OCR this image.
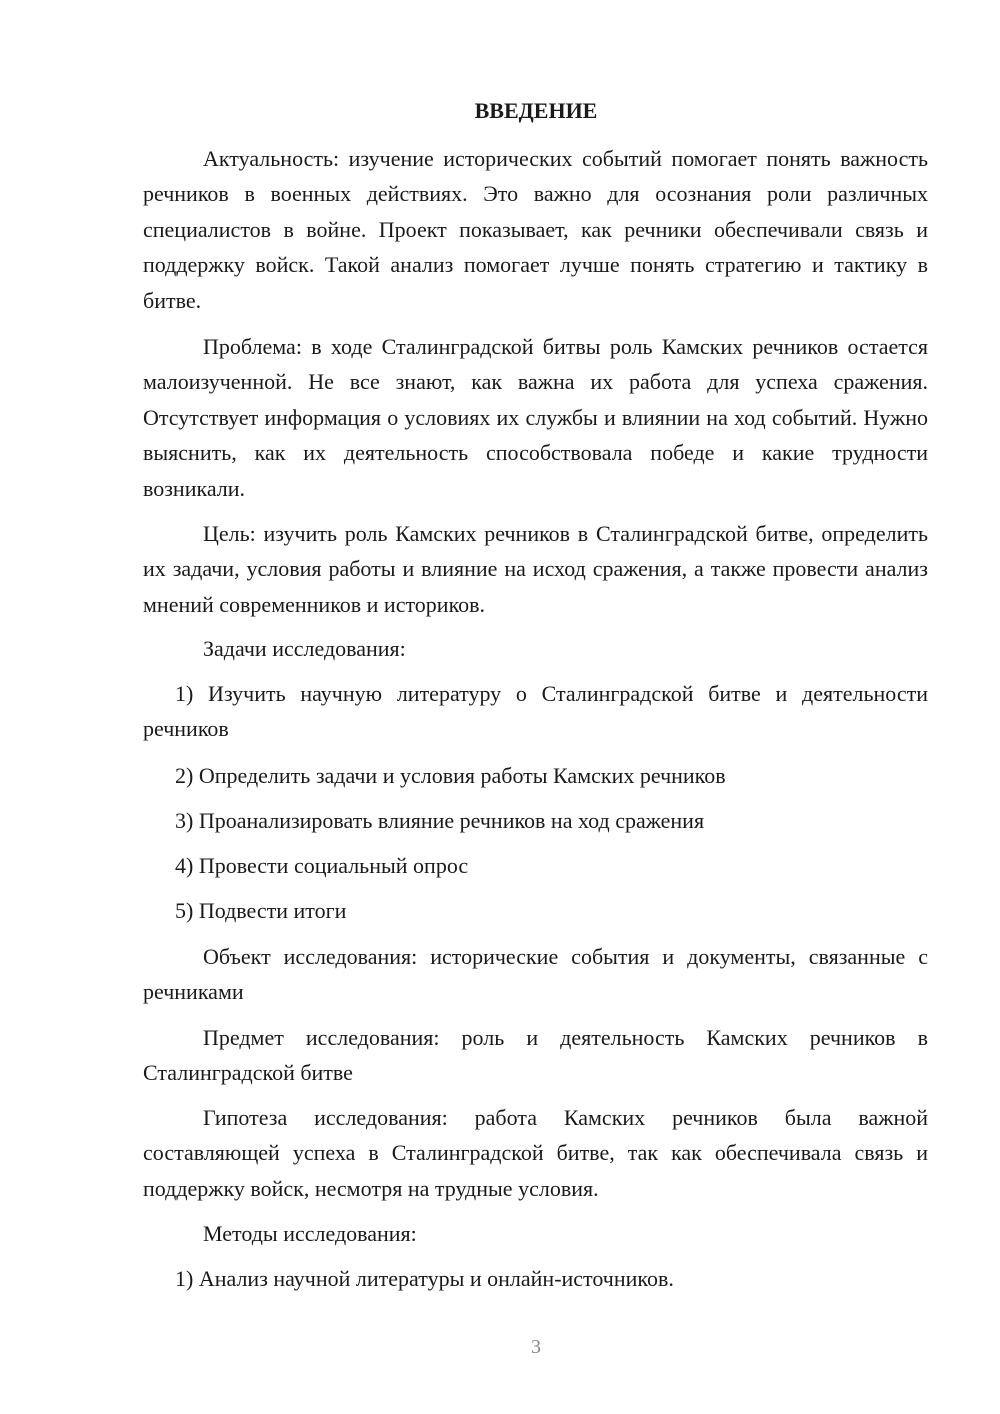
ВВЕДЕНИЕ

Актуальность: изучение исторических событий помогает понять важность речников в военных действиях. Это важно для осознания роли различных специалистов в войне. Проект показывает, как речники обеспечивали связь и поддержку войск. Такой анализ помогает лучше понять стратегию и тактику в битве.

Проблема: в ходе Сталинградской битвы роль Камских речников остается малоизученной. Не все знают, как важна их работа для успеха сражения. Отсутствует информация о условиях их службы и влиянии на ход событий. Нужно выяснить, как их деятельность способствовала победе и какие трудности возникали.

Цель: изучить роль Камских речников в Сталинградской битве, определить их задачи, условия работы и влияние на исход сражения, а также провести анализ мнений современников и историков.

Задачи исследования:

1) Изучить научную литературу о Сталинградской битве и деятельности речников

2) Определить задачи и условия работы Камских речников

3) Проанализировать влияние речников на ход сражения

4) Провести социальный опрос

5) Подвести итоги

Объект исследования: исторические события и документы, связанные с речниками

Предмет исследования: роль и деятельность Камских речников в Сталинградской битве

Гипотеза исследования: работа Камских речников была важной составляющей успеха в Сталинградской битве, так как обеспечивала связь и поддержку войск, несмотря на трудные условия.

Методы исследования:

1) Анализ научной литературы и онлайн-источников.

3
